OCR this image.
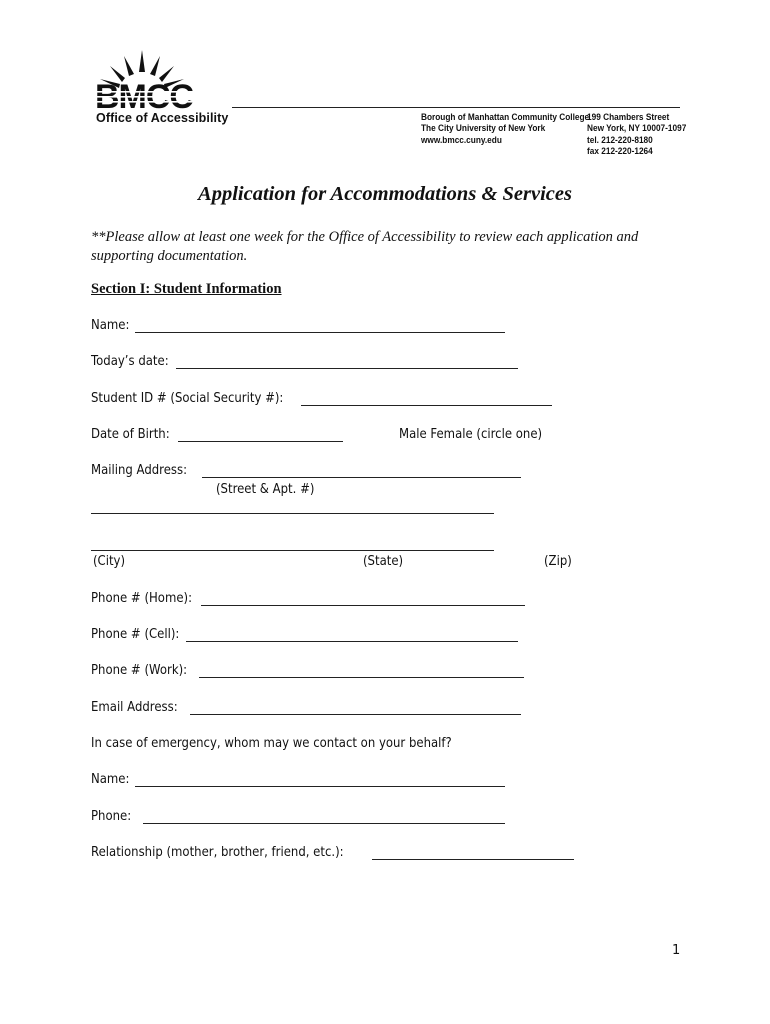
Office of Accessibility	Borough of Manhattan Community College
The City University of New York
www.bmcc.cuny.edu
199 Chambers Street
New York, NY 10007-1097
tel. 212-220-8180
fax 212-220-1264
Application for Accommodations & Services
**Please allow at least one week for the Office of Accessibility to review each application and
supporting documentation.
Section I: Student Information
Name:
Today’s date:
Student ID # (Social Security #):
Date of Birth:	Male Female (circle one)
Mailing Address:
(Street & Apt. #)
(City)	(State)	(Zip)
Phone # (Home):
Phone # (Cell):
Phone # (Work):
Email Address:
In case of emergency, whom may we contact on your behalf?
Name:
Phone:
Relationship (mother, brother, friend, etc.):
1
